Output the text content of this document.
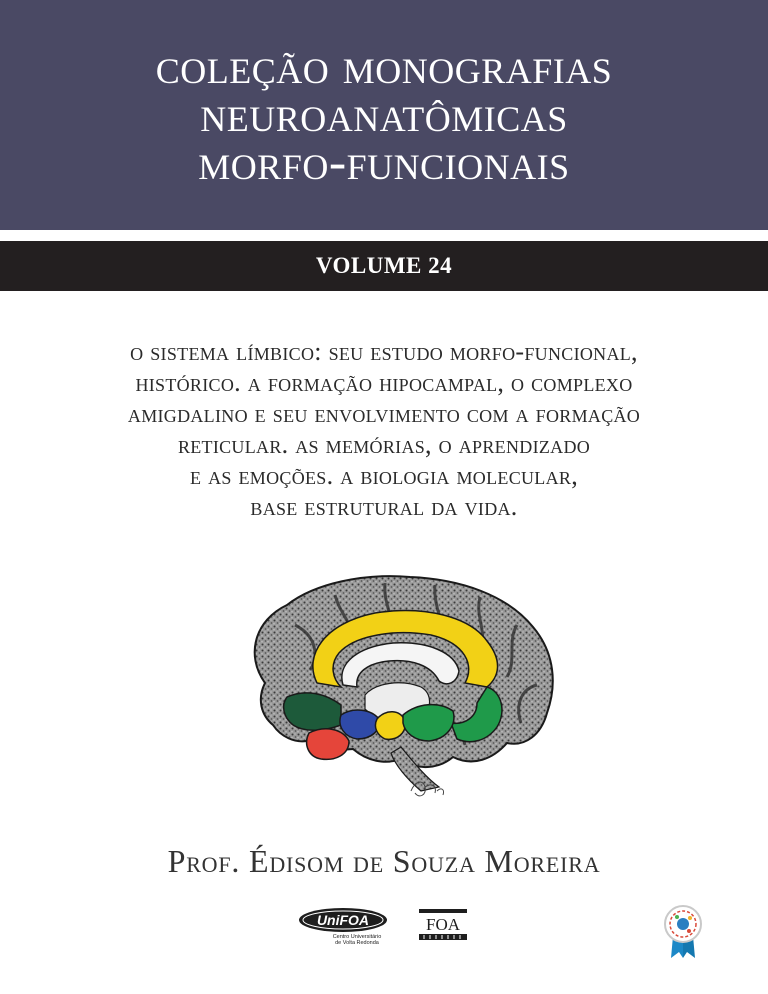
coleção monografias
neuroanatômicas
morfo-funcionais
VOLUME 24
o sistema límbico: seu estudo morfo-funcional,
histórico. a formação hipocampal, o complexo
amigdalino e seu envolvimento com a formação
reticular. as memórias, o aprendizado
e as emoções. a biologia molecular,
base estrutural da vida.
Prof. Édisom de Souza Moreira
UniFOA
Centro Universitário
de Volta Redonda
FOA
